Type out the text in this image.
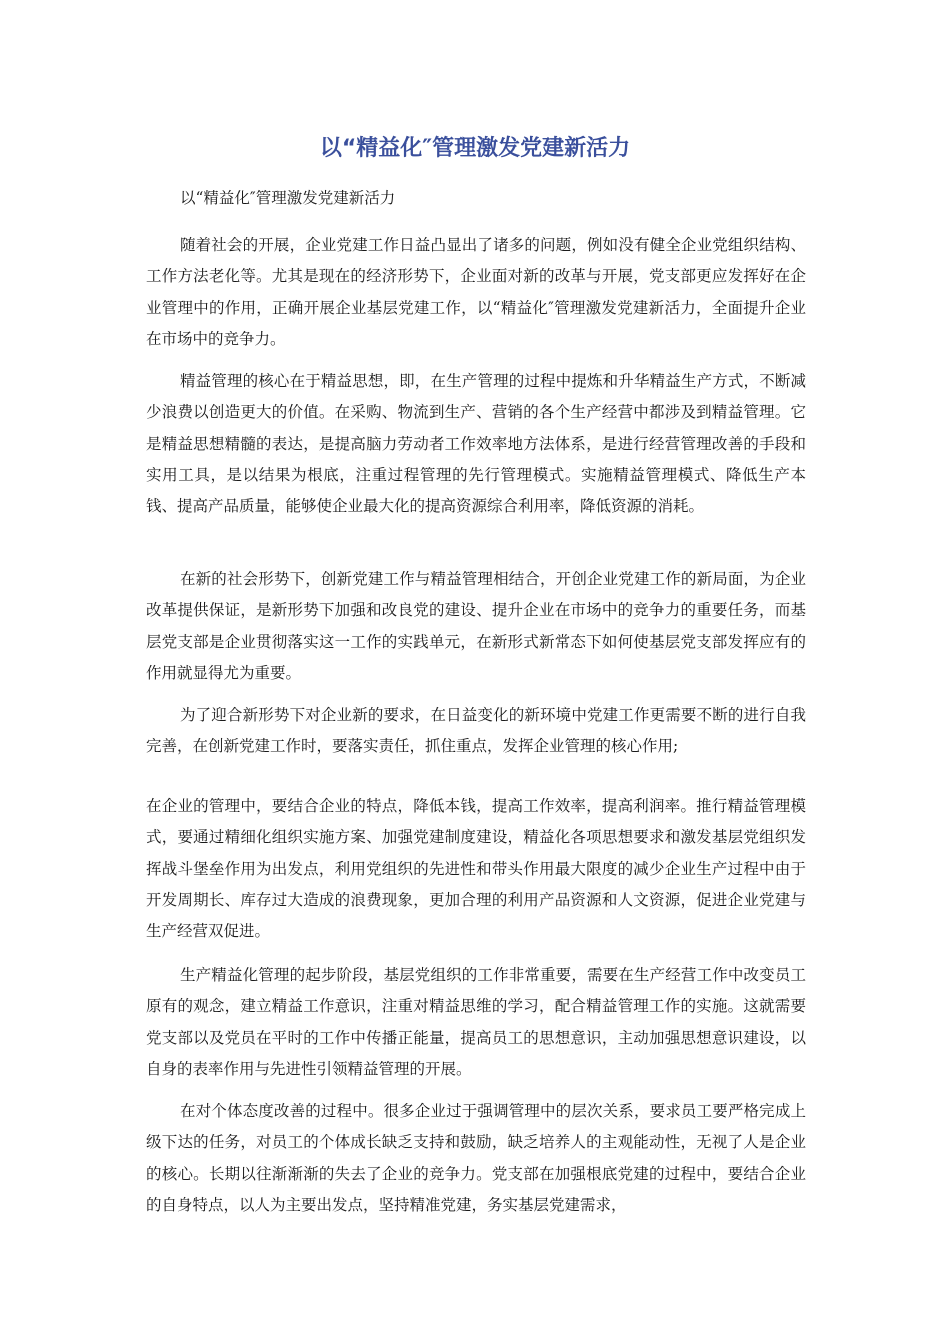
以“精益化″管理激发党建新活力

以“精益化″管理激发党建新活力

随着社会的开展，企业党建工作日益凸显出了诸多的问题，例如没有健全企业党组织结构、工作方法老化等。尤其是现在的经济形势下，企业面对新的改革与开展，党支部更应发挥好在企业管理中的作用，正确开展企业基层党建工作，以“精益化″管理激发党建新活力，全面提升企业在市场中的竞争力。

精益管理的核心在于精益思想，即，在生产管理的过程中提炼和升华精益生产方式，不断减少浪费以创造更大的价值。在采购、物流到生产、营销的各个生产经营中都涉及到精益管理。它是精益思想精髓的表达，是提高脑力劳动者工作效率地方法体系，是进行经营管理改善的手段和实用工具，是以结果为根底，注重过程管理的先行管理模式。实施精益管理模式、降低生产本钱、提高产品质量，能够使企业最大化的提高资源综合利用率，降低资源的消耗。

在新的社会形势下，创新党建工作与精益管理相结合，开创企业党建工作的新局面，为企业改革提供保证，是新形势下加强和改良党的建设、提升企业在市场中的竞争力的重要任务，而基层党支部是企业贯彻落实这一工作的实践单元，在新形式新常态下如何使基层党支部发挥应有的作用就显得尤为重要。

为了迎合新形势下对企业新的要求，在日益变化的新环境中党建工作更需要不断的进行自我完善，在创新党建工作时，要落实责任，抓住重点，发挥企业管理的核心作用;

在企业的管理中，要结合企业的特点，降低本钱，提高工作效率，提高利润率。推行精益管理模式，要通过精细化组织实施方案、加强党建制度建设，精益化各项思想要求和激发基层党组织发挥战斗堡垒作用为出发点，利用党组织的先进性和带头作用最大限度的减少企业生产过程中由于开发周期长、库存过大造成的浪费现象，更加合理的利用产品资源和人文资源，促进企业党建与生产经营双促进。

生产精益化管理的起步阶段，基层党组织的工作非常重要，需要在生产经营工作中改变员工原有的观念，建立精益工作意识，注重对精益思维的学习，配合精益管理工作的实施。这就需要党支部以及党员在平时的工作中传播正能量，提高员工的思想意识，主动加强思想意识建设，以自身的表率作用与先进性引领精益管理的开展。

在对个体态度改善的过程中。很多企业过于强调管理中的层次关系，要求员工要严格完成上级下达的任务，对员工的个体成长缺乏支持和鼓励，缺乏培养人的主观能动性，无视了人是企业的核心。长期以往渐渐渐的失去了企业的竞争力。党支部在加强根底党建的过程中，要结合企业的自身特点，以人为主要出发点，坚持精准党建，务实基层党建需求，
